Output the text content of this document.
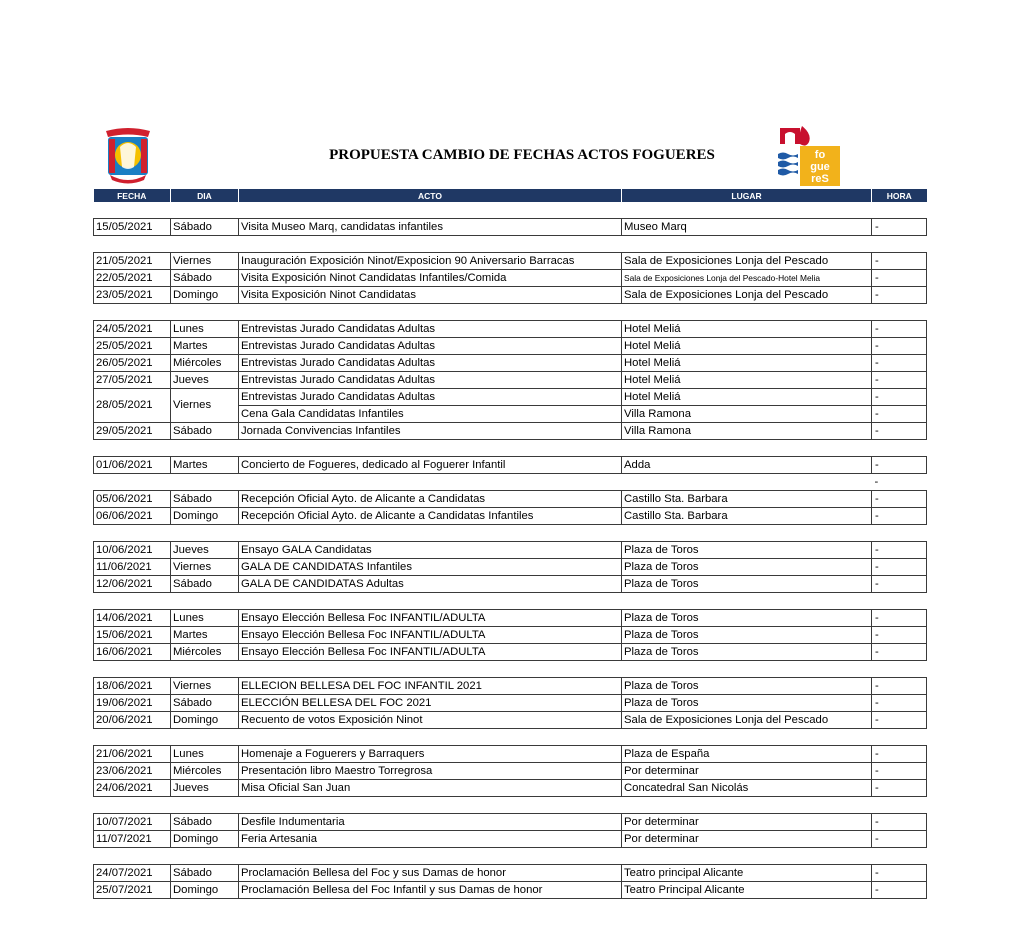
fo
gue
reS
PROPUESTA CAMBIO DE FECHAS ACTOS FOGUERES
FECHA	DIA	ACTO	LUGAR	HORA

15/05/2021	Sábado	Visita Museo Marq, candidatas infantiles	Museo Marq	-

21/05/2021	Viernes	Inauguración Exposición Ninot/Exposicion 90 Aniversario Barracas	Sala de Exposiciones Lonja del Pescado	-
22/05/2021	Sábado	Visita Exposición Ninot Candidatas Infantiles/Comida	Sala de Exposiciones Lonja del Pescado-Hotel Melia	-
23/05/2021	Domingo	Visita Exposición Ninot Candidatas	Sala de Exposiciones Lonja del Pescado	-

24/05/2021	Lunes	Entrevistas Jurado Candidatas Adultas	Hotel Meliá	-
25/05/2021	Martes	Entrevistas Jurado Candidatas Adultas	Hotel Meliá	-
26/05/2021	Miércoles	Entrevistas Jurado Candidatas Adultas	Hotel Meliá	-
27/05/2021	Jueves	Entrevistas Jurado Candidatas Adultas	Hotel Meliá	-
28/05/2021	Viernes	Entrevistas Jurado Candidatas Adultas	Hotel Meliá	-
		Cena Gala Candidatas Infantiles	Villa Ramona	-
29/05/2021	Sábado	Jornada Convivencias Infantiles	Villa Ramona	-

01/06/2021	Martes	Concierto de Fogueres, dedicado al Foguerer Infantil	Adda	-
				-
05/06/2021	Sábado	Recepción Oficial Ayto. de Alicante a Candidatas	Castillo Sta. Barbara	-
06/06/2021	Domingo	Recepción Oficial Ayto. de Alicante a Candidatas Infantiles	Castillo Sta. Barbara	-

10/06/2021	Jueves	Ensayo GALA Candidatas	Plaza de Toros	-
11/06/2021	Viernes	GALA DE CANDIDATAS Infantiles	Plaza de Toros	-
12/06/2021	Sábado	GALA DE CANDIDATAS Adultas	Plaza de Toros	-

14/06/2021	Lunes	Ensayo Elección Bellesa Foc INFANTIL/ADULTA	Plaza de Toros	-
15/06/2021	Martes	Ensayo Elección Bellesa Foc INFANTIL/ADULTA	Plaza de Toros	-
16/06/2021	Miércoles	Ensayo Elección Bellesa Foc INFANTIL/ADULTA	Plaza de Toros	-

18/06/2021	Viernes	ELLECION BELLESA DEL FOC INFANTIL 2021	Plaza de Toros	-
19/06/2021	Sábado	ELECCIÓN BELLESA DEL FOC 2021	Plaza de Toros	-
20/06/2021	Domingo	Recuento de votos Exposición Ninot	Sala de Exposiciones Lonja del Pescado	-

21/06/2021	Lunes	Homenaje a Foguerers y Barraquers	Plaza de España	-
23/06/2021	Miércoles	Presentación libro Maestro Torregrosa	Por determinar	-
24/06/2021	Jueves	Misa Oficial San Juan	Concatedral San Nicolás	-

10/07/2021	Sábado	Desfile Indumentaria	Por determinar	-
11/07/2021	Domingo	Feria Artesania	Por determinar	-

24/07/2021	Sábado	Proclamación Bellesa del Foc y sus Damas de honor	Teatro principal Alicante	-
25/07/2021	Domingo	Proclamación Bellesa del Foc Infantil y sus Damas de honor	Teatro Principal Alicante	-
